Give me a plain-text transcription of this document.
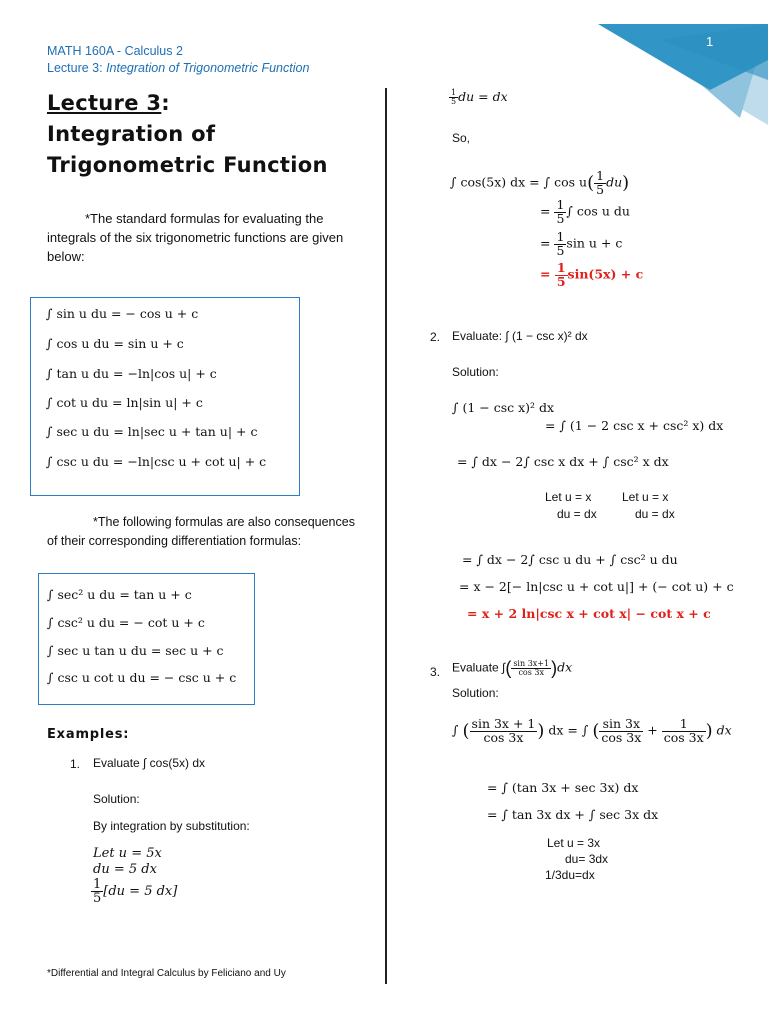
1
MATH 160A - Calculus 2
Lecture 3: Integration of Trigonometric Function
Lecture 3:
Integration of
Trigonometric Function
*The standard formulas for evaluating the integrals of the six trigonometric functions are given below:
∫ sin u du = − cos u + c
∫ cos u du = sin u + c
∫ tan u du = −ln|cos u| + c
∫ cot u du = ln|sin u| + c
∫ sec u du = ln|sec u + tan u| + c
∫ csc u du = −ln|csc u + cot u| + c
*The following formulas are also consequences of their corresponding differentiation formulas:
∫ sec² u du = tan u + c
∫ csc² u du = − cot u + c
∫ sec u tan u du = sec u + c
∫ csc u cot u du = − csc u + c
Examples:
1. Evaluate ∫ cos(5x) dx
Solution:
By integration by substitution:
Let u = 5x
du = 5 dx
$\frac{1}{5} [du = 5$ dx]
$\frac{1}{5}$ du = dx
So,
∫ cos(5x) dx = ∫ $\cos u( \frac{1}{5} du)$
= $\frac{1}{5}$ ∫ cos u du
= $\frac{1}{5}$ sin u + c
= $\frac{1}{5} \sin(5x) + c$
2. Evaluate: ∫ (1 − csc x)² dx
Solution:
∫ (1 − csc x)² dx
= ∫ (1 − 2 csc x + csc² x) dx
= ∫ dx − 2∫ csc x dx + ∫ csc² x dx
Let u = x
du = dx
Let u = x
du = dx
= ∫ dx − 2∫ csc u du + ∫ csc² u du
= x − 2[− ln|csc u + cot u|] + (− cot u) + c
= x + 2 ln|csc x + cot x| − cot x + c
3. Evaluate ∫( $\frac{\sin 3x+1}{\cos 3x} )dx$
Solution:
∫ ( $\frac{\sin 3x + 1}{\cos 3x}$ ) dx = ∫ ( $\frac{\sin 3x}{\cos 3x} + \frac{1}{\cos 3x}$ ) dx
= ∫ (tan 3x + sec 3x) dx
= ∫ tan 3x dx + ∫ sec 3x dx
Let u = 3x
du= 3dx
1/3du=dx
*Differential and Integral Calculus by Feliciano and Uy
